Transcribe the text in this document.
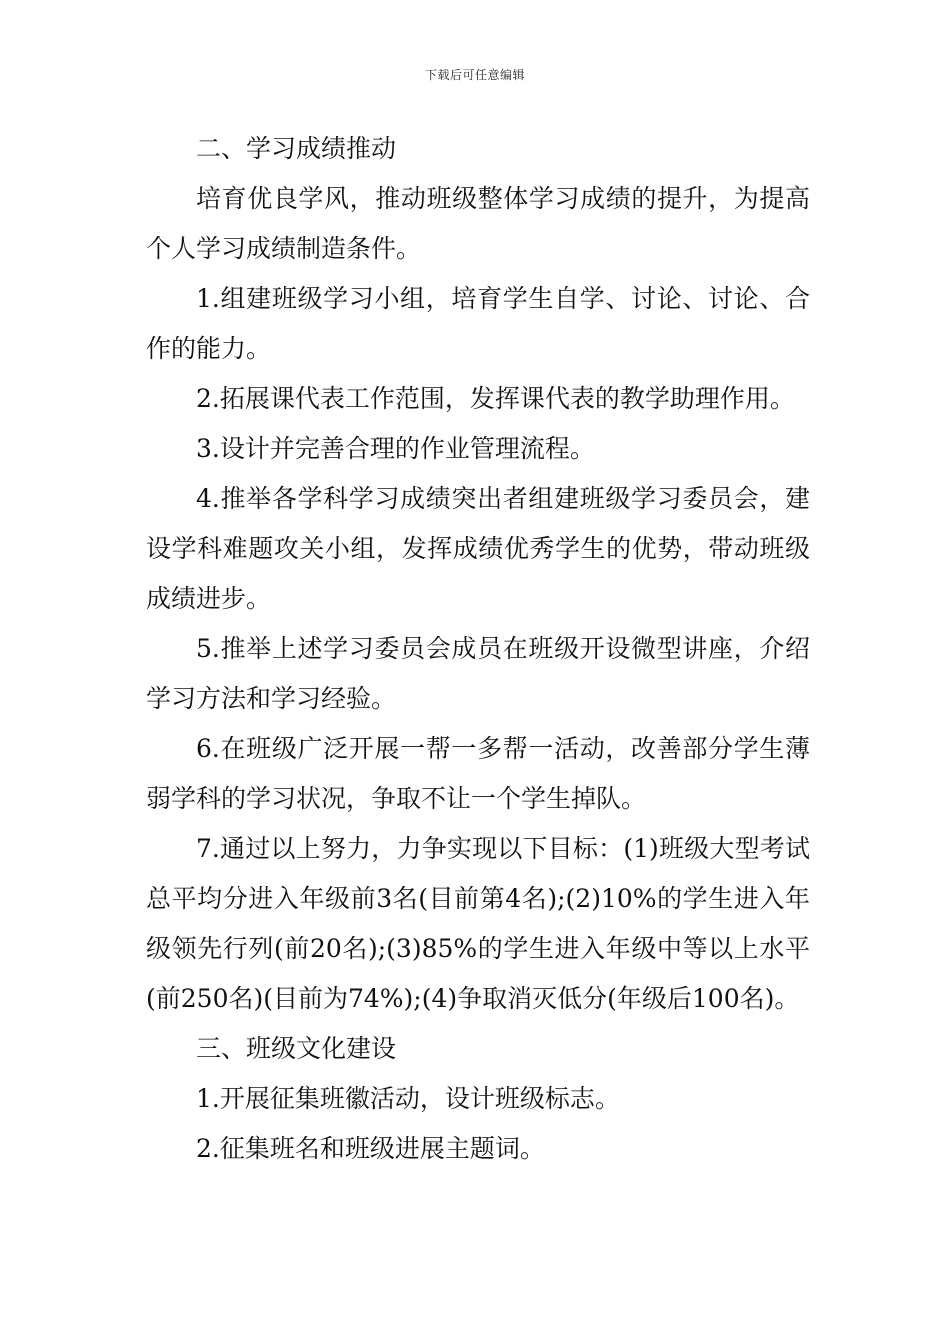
下载后可任意编辑

二、学习成绩推动

培育优良学风，推动班级整体学习成绩的提升，为提高个人学习成绩制造条件。

1.组建班级学习小组，培育学生自学、讨论、讨论、合作的能力。

2.拓展课代表工作范围，发挥课代表的教学助理作用。

3.设计并完善合理的作业管理流程。

4.推举各学科学习成绩突出者组建班级学习委员会，建设学科难题攻关小组，发挥成绩优秀学生的优势，带动班级成绩进步。

5.推举上述学习委员会成员在班级开设微型讲座，介绍学习方法和学习经验。

6.在班级广泛开展一帮一多帮一活动，改善部分学生薄弱学科的学习状况，争取不让一个学生掉队。

7.通过以上努力，力争实现以下目标：(1)班级大型考试总平均分进入年级前3名(目前第4名);(2)10%的学生进入年级领先行列(前20名);(3)85%的学生进入年级中等以上水平(前250名)(目前为74%);(4)争取消灭低分(年级后100名)。

三、班级文化建设

1.开展征集班徽活动，设计班级标志。

2.征集班名和班级进展主题词。
